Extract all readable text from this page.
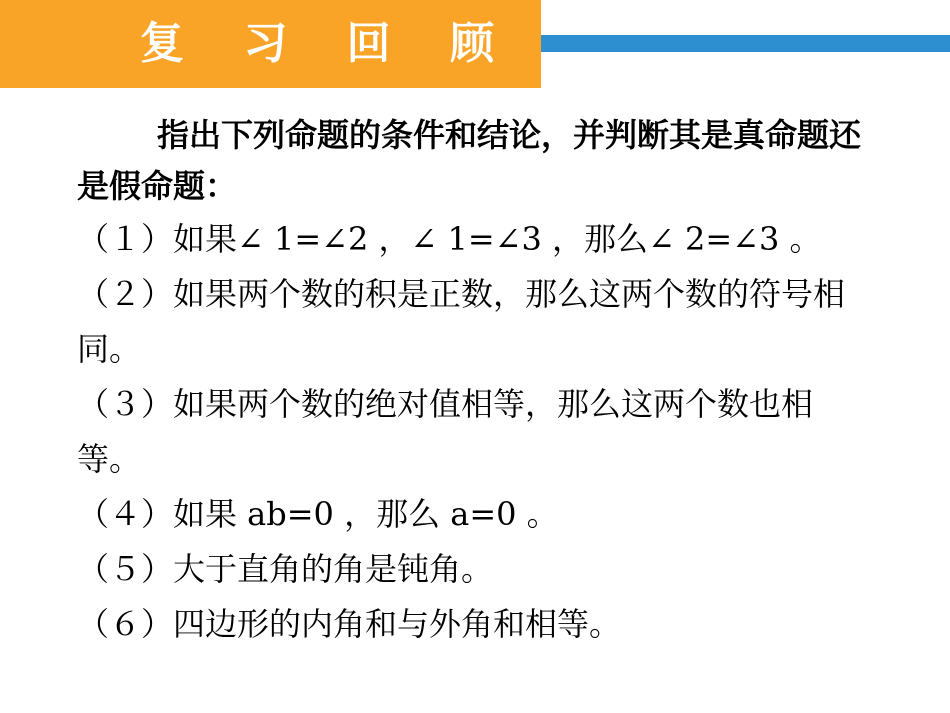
复 习 回 顾

指出下列命题的条件和结论，并判断其是真命题还是假命题：

（１）如果∠ 1=∠2 ，∠ 1=∠3 ，那么∠ 2=∠3 。

（２）如果两个数的积是正数，那么这两个数的符号相同。

（３）如果两个数的绝对值相等，那么这两个数也相等。

（４）如果 ab=0 ，那么 a=0 。

（５）大于直角的角是钝角。

（６）四边形的内角和与外角和相等。
